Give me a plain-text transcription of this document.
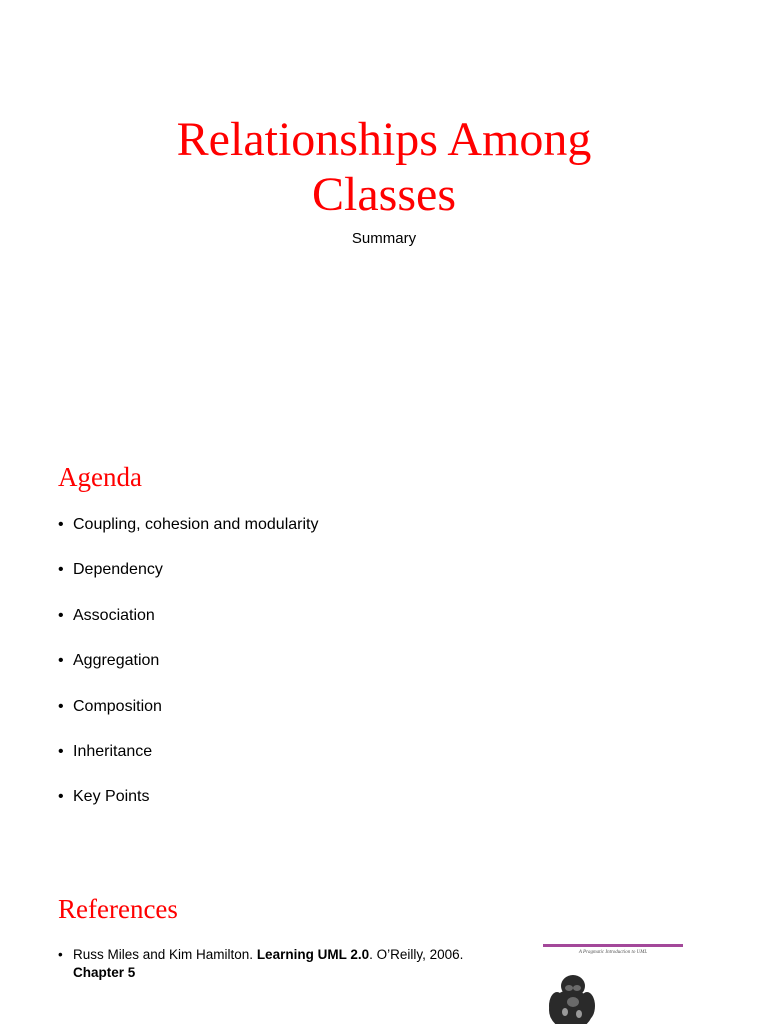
Relationships Among
Classes

Summary

Agenda
• Coupling, cohesion and modularity
• Dependency
• Association
• Aggregation
• Composition
• Inheritance
• Key Points
References
• Russ Miles and Kim Hamilton. Learning UML 2.0. O’Reilly, 2006.
Chapter 5
A Pragmatic Introduction to UML
